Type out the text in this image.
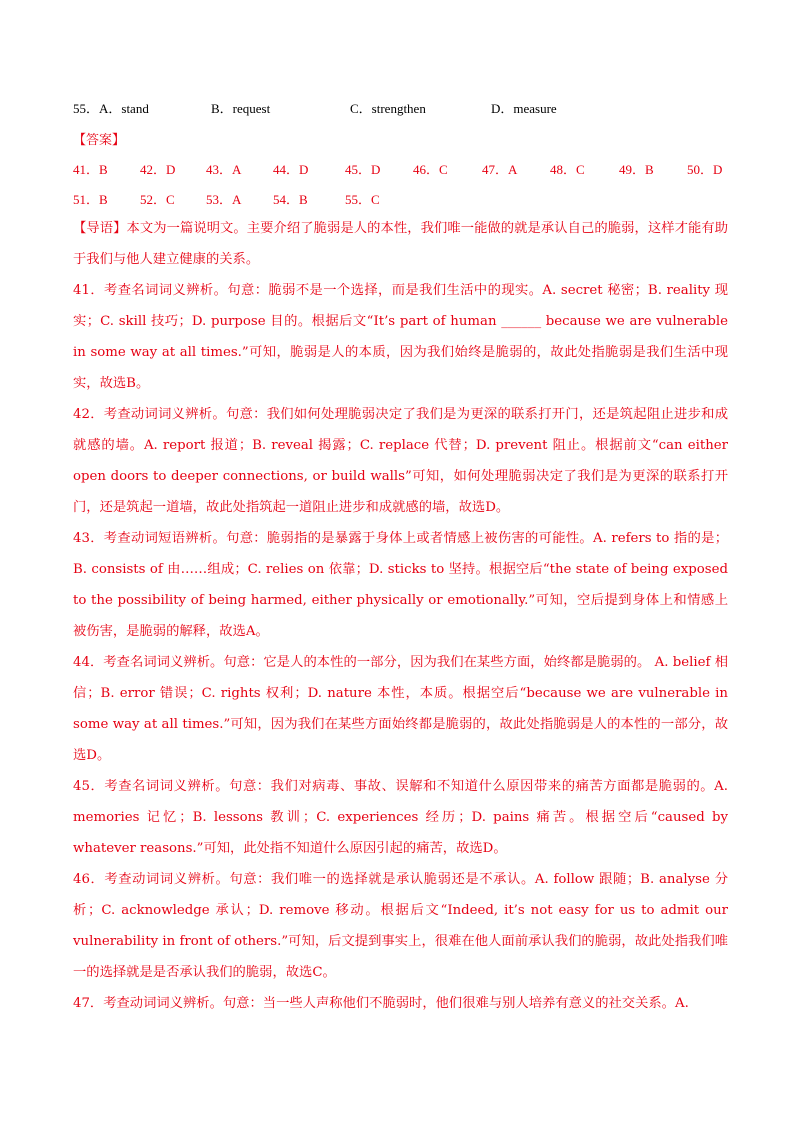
55．A．stand	B．request	C．strengthen	D．measure
【答案】
41．B 42．D 43．A 44．D	45．D	46．C	47．A	48．C	49．B	50．D
51．B 52．C 53．A 54．B	55．C

【导语】本文为一篇说明文。主要介绍了脆弱是人的本性，我们唯一能做的就是承认自己的脆弱，这样才能有助于我们与他人建立健康的关系。

41．考查名词词义辨析。句意：脆弱不是一个选择，而是我们生活中的现实。A. secret 秘密；B. reality 现实；C. skill 技巧；D. purpose 目的。根据后文“It’s part of human ______ because we are vulnerable in some way at all times.”可知，脆弱是人的本质，因为我们始终是脆弱的，故此处指脆弱是我们生活中现实，故选B。

42．考查动词词义辨析。句意：我们如何处理脆弱决定了我们是为更深的联系打开门，还是筑起阻止进步和成就感的墙。A. report 报道；B. reveal 揭露；C. replace 代替；D. prevent 阻止。根据前文“can either open doors to deeper connections, or build walls”可知，如何处理脆弱决定了我们是为更深的联系打开门，还是筑起一道墙，故此处指筑起一道阻止进步和成就感的墙，故选D。

43．考查动词短语辨析。句意：脆弱指的是暴露于身体上或者情感上被伤害的可能性。A. refers to 指的是；B. consists of 由……组成；C. relies on 依靠；D. sticks to 坚持。根据空后“the state of being exposed to the possibility of being harmed, either physically or emotionally.”可知，空后提到身体上和情感上被伤害，是脆弱的解释，故选A。

44．考查名词词义辨析。句意：它是人的本性的一部分，因为我们在某些方面，始终都是脆弱的。 A. belief 相信；B. error 错误；C. rights 权利；D. nature 本性，本质。根据空后“because we are vulnerable in some way at all times.”可知，因为我们在某些方面始终都是脆弱的，故此处指脆弱是人的本性的一部分，故选D。

45．考查名词词义辨析。句意：我们对病毒、事故、误解和不知道什么原因带来的痛苦方面都是脆弱的。A. memories 记忆；B. lessons 教训；C. experiences 经历；D. pains 痛苦。根据空后“caused by whatever reasons.”可知，此处指不知道什么原因引起的痛苦，故选D。

46．考查动词词义辨析。句意：我们唯一的选择就是承认脆弱还是不承认。A. follow 跟随；B. analyse 分析；C. acknowledge 承认；D. remove 移动。根据后文“Indeed, it’s not easy for us to admit our vulnerability in front of others.”可知，后文提到事实上，很难在他人面前承认我们的脆弱，故此处指我们唯一的选择就是是否承认我们的脆弱，故选C。

47．考查动词词义辨析。句意：当一些人声称他们不脆弱时，他们很难与别人培养有意义的社交关系。A.
